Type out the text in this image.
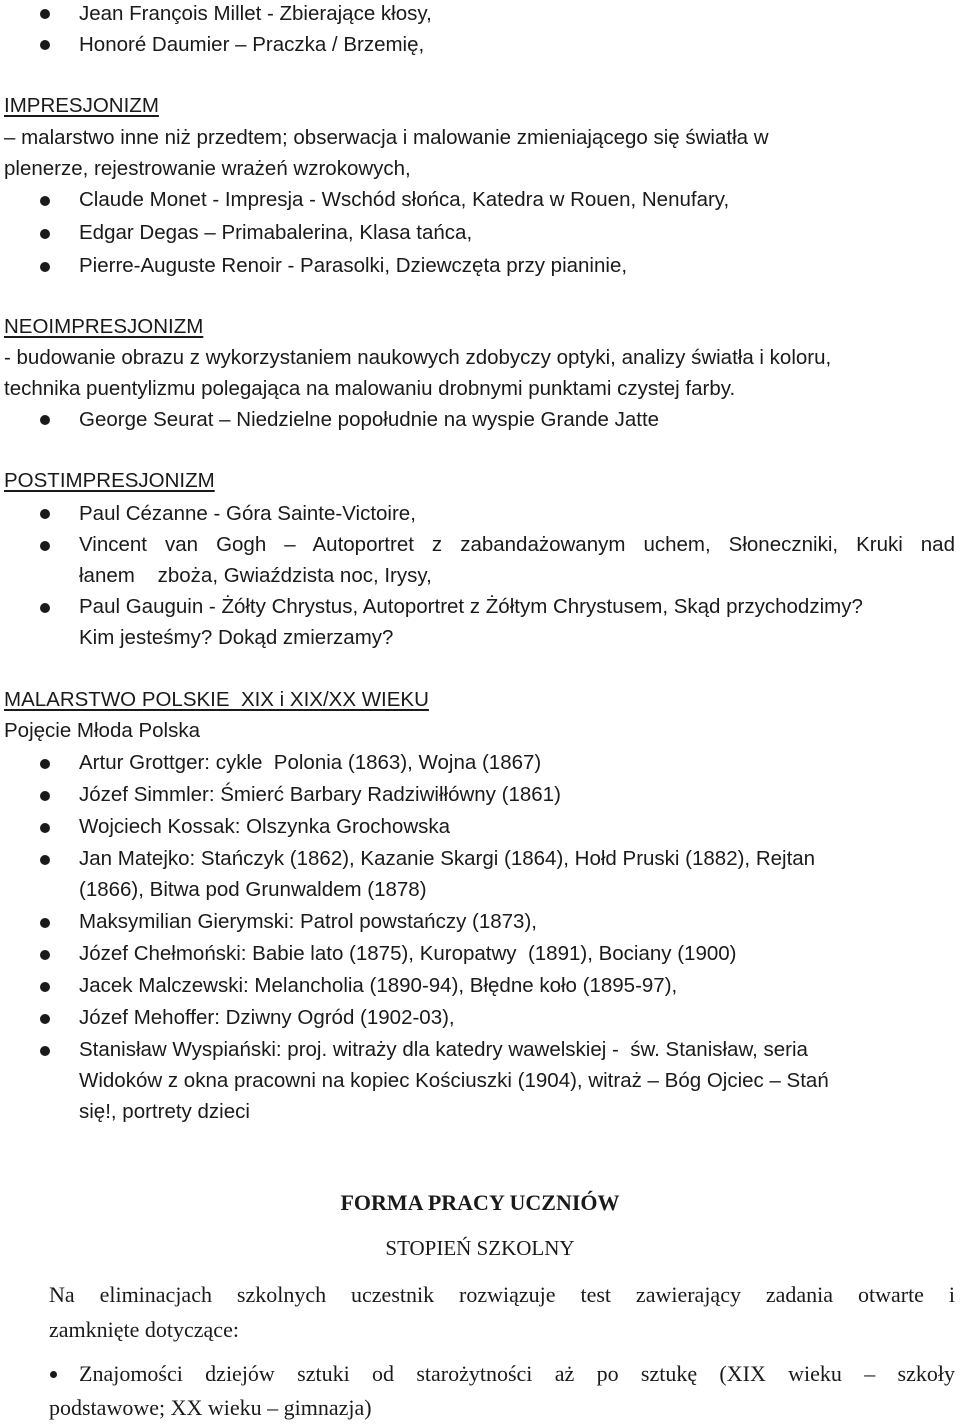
Jean François Millet - Zbierające kłosy,
Honoré Daumier – Praczka / Brzemię,
IMPRESJONIZM
– malarstwo inne niż przedtem; obserwacja i malowanie zmieniającego się światła w
plenerze, rejestrowanie wrażeń wzrokowych,
Claude Monet - Impresja - Wschód słońca, Katedra w Rouen, Nenufary,
Edgar Degas – Primabalerina, Klasa tańca,
Pierre-Auguste Renoir - Parasolki, Dziewczęta przy pianinie,
NEOIMPRESJONIZM
- budowanie obrazu z wykorzystaniem naukowych zdobyczy optyki, analizy światła i koloru,
technika puentylizmu polegająca na malowaniu drobnymi punktami czystej farby.
George Seurat – Niedzielne popołudnie na wyspie Grande Jatte
POSTIMPRESJONIZM
Paul Cézanne - Góra Sainte-Victoire,
Vincent van Gogh – Autoportret z zabandażowanym uchem, Słoneczniki, Kruki nad
łanem    zboża, Gwiaździsta noc, Irysy,
Paul Gauguin - Żółty Chrystus, Autoportret z Żółtym Chrystusem, Skąd przychodzimy?
Kim jesteśmy? Dokąd zmierzamy?
MALARSTWO POLSKIE  XIX i XIX/XX WIEKU
Pojęcie Młoda Polska
Artur Grottger: cykle  Polonia (1863), Wojna (1867)
Józef Simmler: Śmierć Barbary Radziwiłłówny (1861)
Wojciech Kossak: Olszynka Grochowska
Jan Matejko: Stańczyk (1862), Kazanie Skargi (1864), Hołd Pruski (1882), Rejtan
(1866), Bitwa pod Grunwaldem (1878)
Maksymilian Gierymski: Patrol powstańczy (1873),
Józef Chełmoński: Babie lato (1875), Kuropatwy  (1891), Bociany (1900)
Jacek Malczewski: Melancholia (1890-94), Błędne koło (1895-97),
Józef Mehoffer: Dziwny Ogród (1902-03),
Stanisław Wyspiański: proj. witraży dla katedry wawelskiej -  św. Stanisław, seria
Widoków z okna pracowni na kopiec Kościuszki (1904), witraż – Bóg Ojciec – Stań
się!, portrety dzieci
FORMA PRACY UCZNIÓW
STOPIEŃ SZKOLNY
Na eliminacjach szkolnych uczestnik rozwiązuje test zawierający zadania otwarte i
zamknięte dotyczące:
Znajomości dziejów sztuki od starożytności aż po sztukę (XIX wieku – szkoły
podstawowe; XX wieku – gimnazja)
